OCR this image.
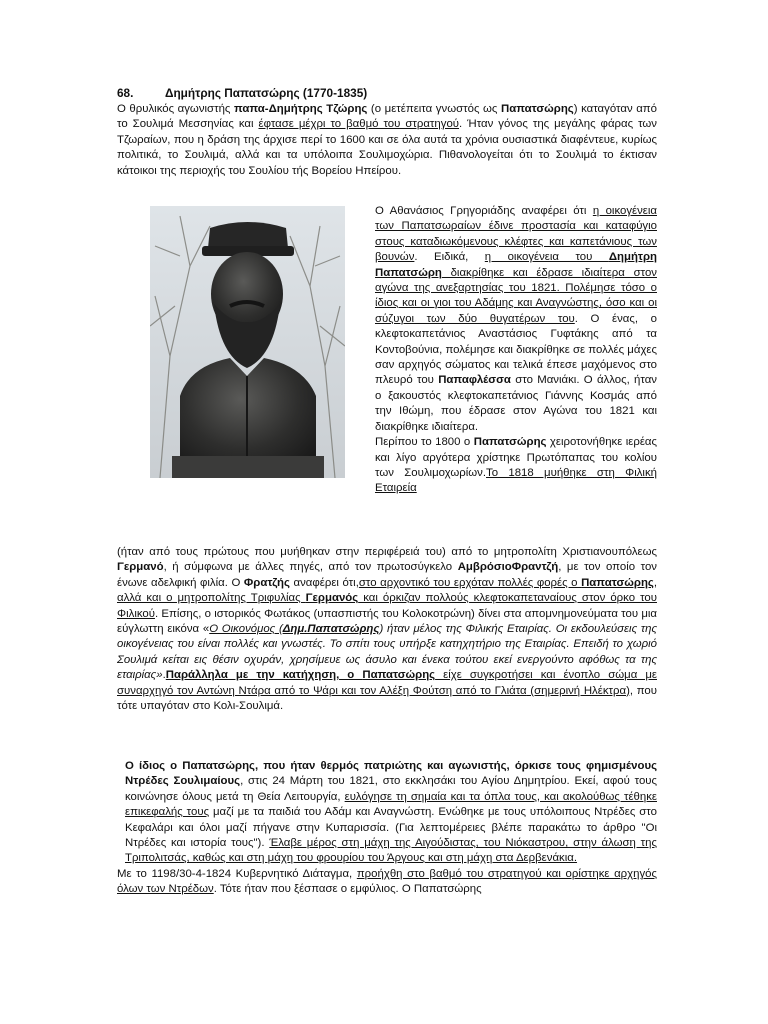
68.	Δημήτρης Παπατσώρης (1770-1835)
Ο θρυλικός αγωνιστής παπα-Δημήτρης Τζώρης (ο μετέπειτα γνωστός ως Παπατσώρης) καταγόταν από το Σουλιμά Μεσσηνίας και έφτασε μέχρι το βαθμό του στρατηγού. Ήταν γόνος της μεγάλης φάρας των Τζωραίων, που η δράση της άρχισε περί το 1600 και σε όλα αυτά τα χρόνια ουσιαστικά διαφέντευε, κυρίως πολιτικά, το Σουλιμά, αλλά και τα υπόλοιπα Σουλιμοχώρια. Πιθανολογείται ότι το Σουλιμά το έκτισαν κάτοικοι της περιοχής του Σουλίου τής Βορείου Ηπείρου.

Ο Αθανάσιος Γρηγοριάδης αναφέρει ότι η οικογένεια των Παπατσωραίων έδινε προστασία και καταφύγιο στους καταδιωκόμενους κλέφτες και καπετάνιους των βουνών. Ειδικά, η οικογένεια του Δημήτρη Παπατσώρη διακρίθηκε και έδρασε ιδιαίτερα στον αγώνα της ανεξαρτησίας του 1821. Πολέμησε τόσο ο ίδιος και οι γιοι του Αδάμης και Αναγνώστης, όσο και οι σύζυγοι των δύο θυγατέρων του. Ο ένας, ο κλεφτοκαπετάνιος Αναστάσιος Γυφτάκης από τα Κοντοβούνια, πολέμησε και διακρίθηκε σε πολλές μάχες σαν αρχηγός σώματος και τελικά έπεσε μαχόμενος στο πλευρό του Παπαφλέσσα στο Μανιάκι. Ο άλλος, ήταν ο ξακουστός κλεφτοκαπετάνιος Γιάννης Κοσμάς από την Ιθώμη, που έδρασε στον Αγώνα του 1821 και διακρίθηκε ιδιαίτερα.

Περίπου το 1800 ο Παπατσώρης χειροτονήθηκε ιερέας και λίγο αργότερα χρίστηκε Πρωτόπαπας του κολίου των Σουλιμοχωρίων.Το 1818 μυήθηκε στη Φιλική Εταιρεία

(ήταν από τους πρώτους που μυήθηκαν στην περιφέρειά του) από το μητροπολίτη Χριστιανουπόλεως Γερμανό, ή σύμφωνα με άλλες πηγές, από τον πρωτοσύγκελο ΑμβρόσιοΦραντζή, με τον οποίο τον ένωνε αδελφική φιλία. Ο Φρατζής αναφέρει ότι,στο αρχοντικό του ερχόταν πολλές φορές ο Παπατσώρης, αλλά και ο μητροπολίτης Τριφυλίας Γερμανός και όρκιζαν πολλούς κλεφτοκαπεταναίους στον όρκο του Φιλικού. Επίσης, ο ιστορικός Φωτάκος (υπασπιστής του Κολοκοτρώνη) δίνει στα απομνημονεύματα του μια εύγλωττη εικόνα «Ο Οικονόμος (Δημ.Παπατσώρης) ήταν μέλος της Φιλικής Εταιρίας. Οι εκδουλεύσεις της οικογένειας του είναι πολλές και γνωστές. Το σπίτι τους υπήρξε κατηχητήριο της Εταιρίας. Επειδή το χωριό Σουλιμά κείται εις θέσιν οχυράν, χρησίμευε ως άσυλο και ένεκα τούτου εκεί ενεργούντο αφόθως τα της εταιρίας».Παράλληλα με την κατήχηση, ο Παπατσώρης είχε συγκροτήσει και ένοπλο σώμα με συναρχηγό τον Αντώνη Ντάρα από το Ψάρι και τον Αλέξη Φούτση από το Γλιάτα (σημερινή Ηλέκτρα), που τότε υπαγόταν στο Κολι-Σουλιμά.

Ο ίδιος ο Παπατσώρης, που ήταν θερμός πατριώτης και αγωνιστής, όρκισε τους φημισμένους Ντρέδες Σουλιμαίους, στις 24 Μάρτη του 1821, στο εκκλησάκι του Αγίου Δημητρίου. Εκεί, αφού τους κοινώνησε όλους μετά τη Θεία Λειτουργία, ευλόγησε τη σημαία και τα όπλα τους, και ακολούθως τέθηκε επικεφαλής τους μαζί με τα παιδιά του Αδάμ και Αναγνώστη. Ενώθηκε με τους υπόλοιπους Ντρέδες στο Κεφαλάρι και όλοι μαζί πήγανε στην Κυπαρισσία. (Για λεπτομέρειες βλέπε παρακάτω το άρθρο "Οι Ντρέδες και ιστορία τους"). Έλαβε μέρος στη μάχη της Αιγούδιστας, του Νιόκαστρου, στην άλωση της Τριπολιτσάς, καθώς και στη μάχη του φρουρίου του Άργους και στη μάχη στα Δερβενάκια.

Με το 1198/30-4-1824 Κυβερνητικό Διάταγμα, προήχθη στο βαθμό του στρατηγού και ορίστηκε αρχηγός όλων των Ντρέδων. Τότε ήταν που ξέσπασε ο εμφύλιος. Ο Παπατσώρης
